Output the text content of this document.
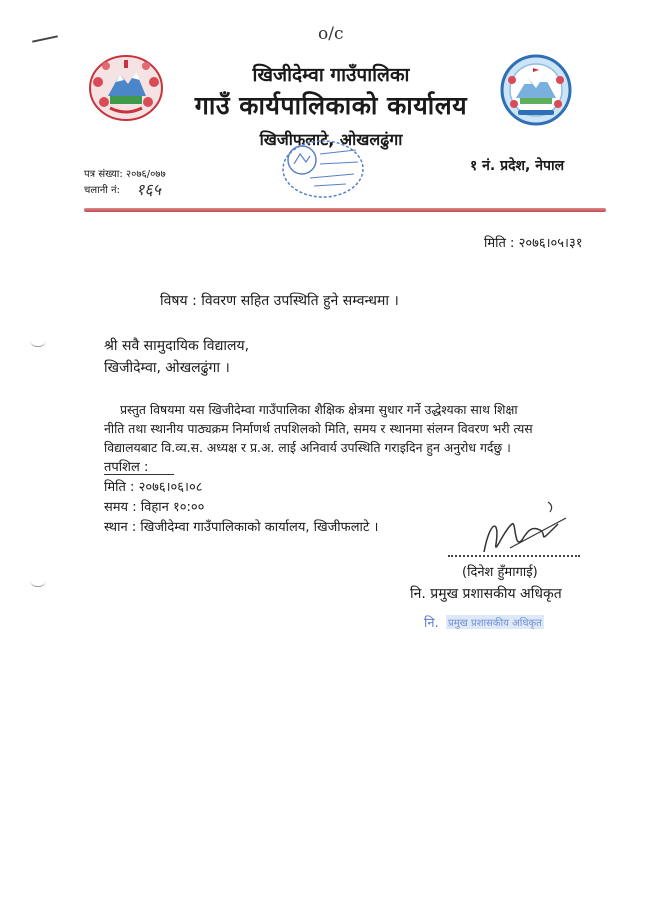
o/c
खिजीदेम्वा गाउँपालिका
गाउँ कार्यपालिकाको कार्यालय
खिजीफलाटे, ओखलढुंगा
पत्र संख्या: २०७६/०७७
चलानी नं: १६५
१ नं. प्रदेश, नेपाल
मिति : २०७६।०५।३१
विषय : विवरण सहित उपस्थिति हुने सम्वन्धमा ।
श्री सवै सामुदायिक विद्यालय,
खिजीदेम्वा, ओखलढुंगा ।
प्रस्तुत विषयमा यस खिजीदेम्वा गाउँपालिका शैक्षिक क्षेत्रमा सुधार गर्ने उद्धेश्यका साथ शिक्षा
नीति तथा स्थानीय पाठ्यक्रम निर्माणर्थ तपशिलको मिति, समय र स्थानमा संलग्न विवरण भरी त्यस
विद्यालयबाट वि.व्य.स. अध्यक्ष र प्र.अ. लाई अनिवार्य उपस्थिति गराइदिन हुन अनुरोध गर्दछु ।
तपशिल :
मिति : २०७६।०६।०८
समय : विहान १०:००
स्थान : खिजीदेम्वा गाउँपालिकाको कार्यालय, खिजीफलाटे ।
(दिनेश हुँमागाई)
नि. प्रमुख प्रशासकीय अधिकृत
नि. प्रमुख प्रशासकीय अधिकृत
